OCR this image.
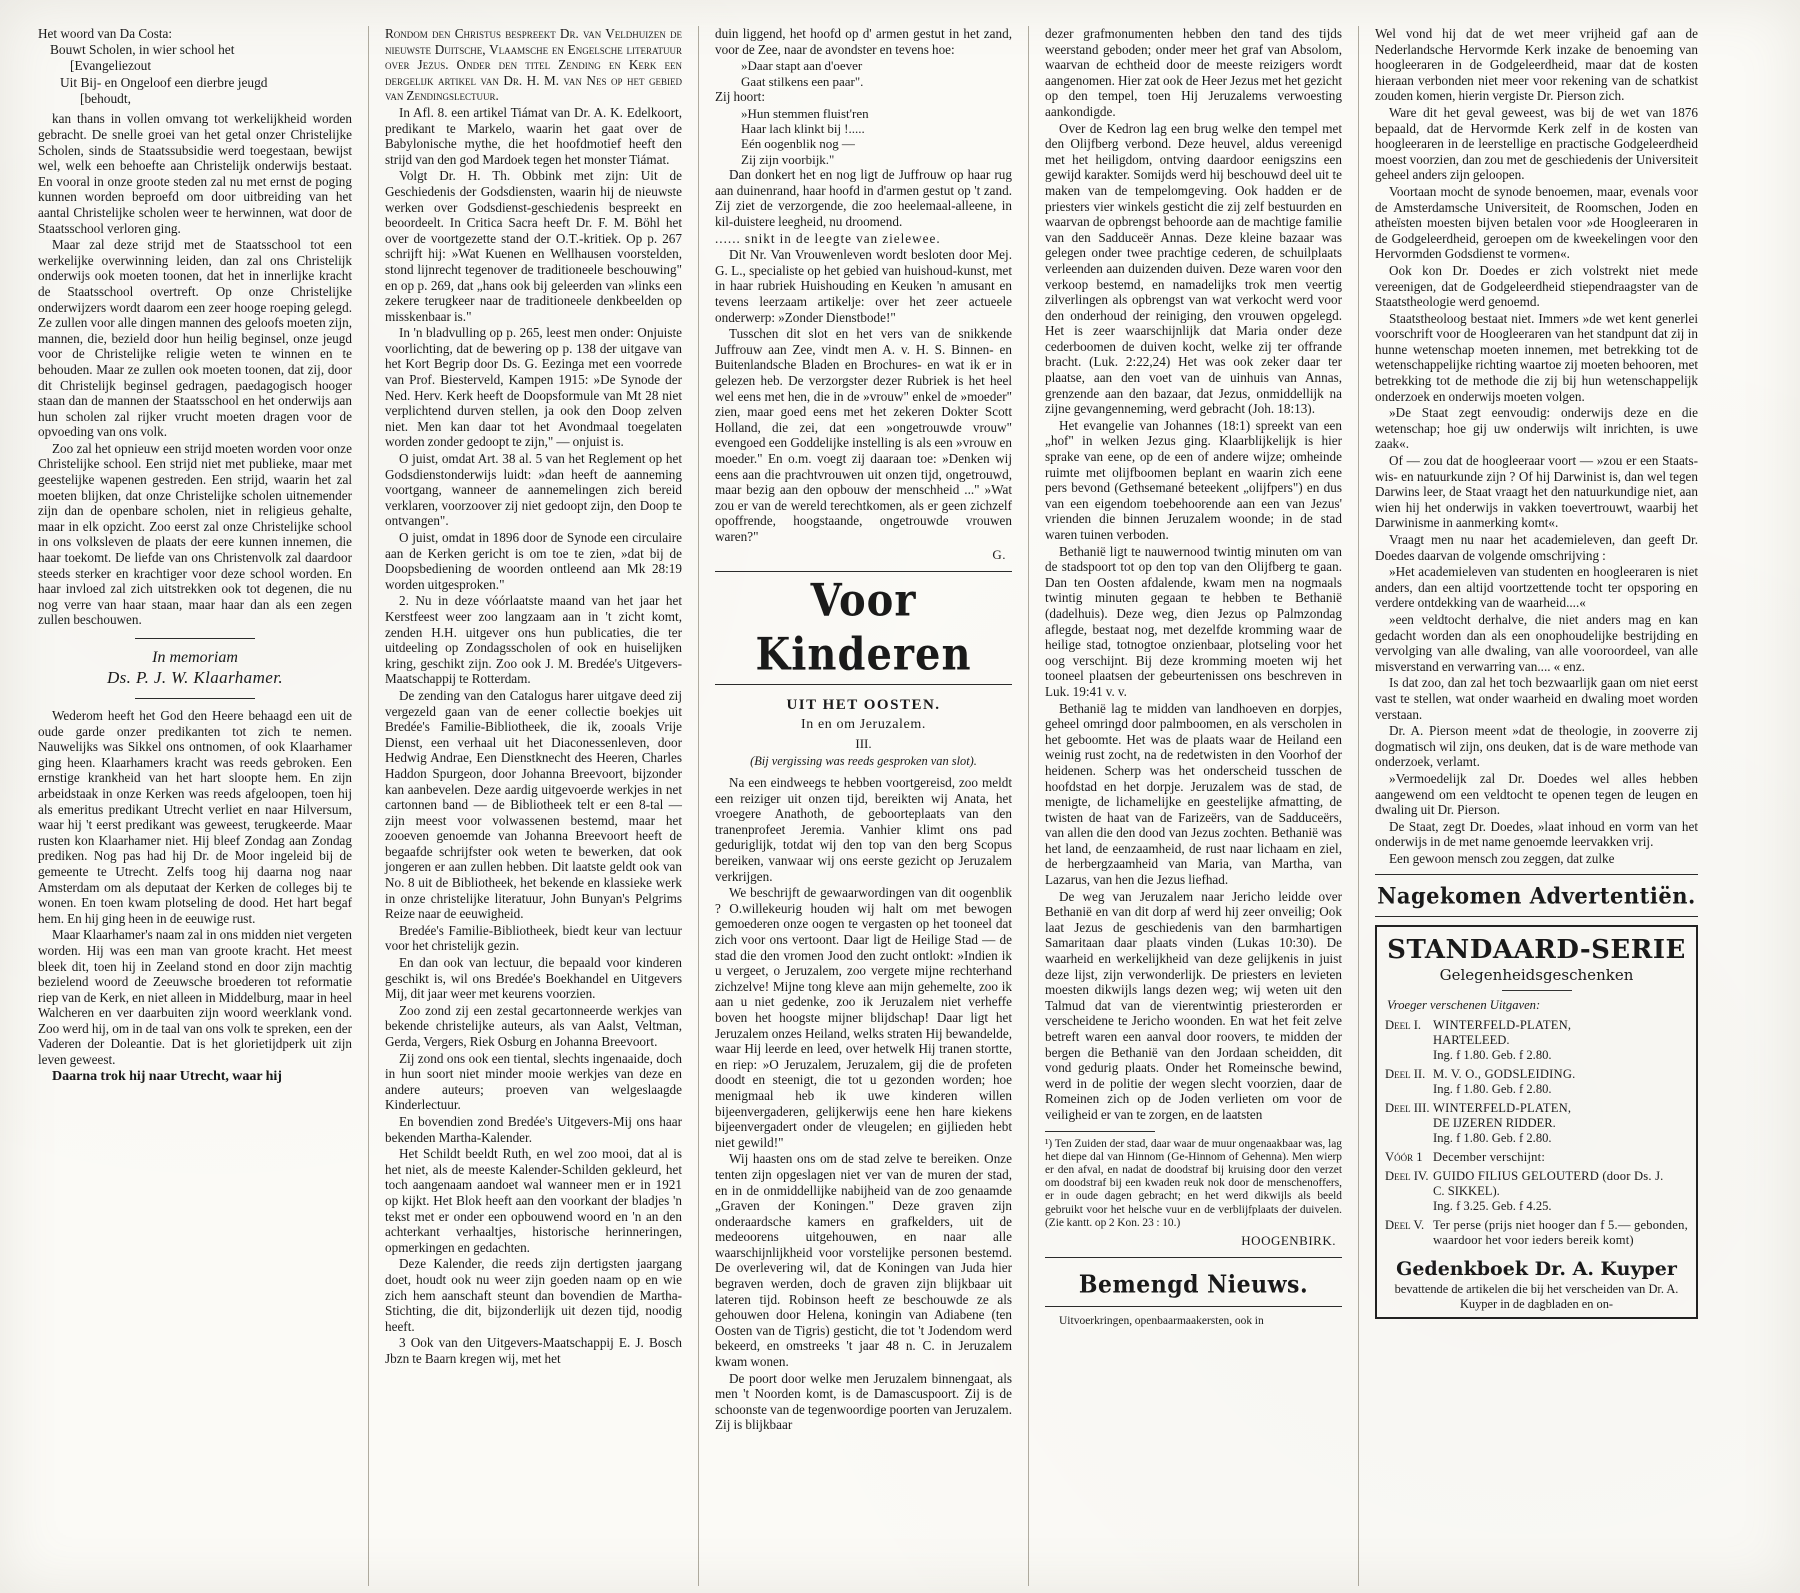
Het woord van Da Costa:
Bouwt Scholen, in wier school het
[Evangeliezout
Uit Bij- en Ongeloof een dierbre jeugd
[behoudt,

kan thans in vollen omvang tot werkelijkheid worden gebracht. De snelle groei van het getal onzer Christelijke Scholen, sinds de Staatssubsidie werd toegestaan, bewijst wel, welk een behoefte aan Christelijk onderwijs bestaat. En vooral in onze groote steden zal nu met ernst de poging kunnen worden beproefd om door uitbreiding van het aantal Christelijke scholen weer te herwinnen, wat door de Staatsschool verloren ging.

Maar zal deze strijd met de Staatsschool tot een werkelijke overwinning leiden, dan zal ons Christelijk onderwijs ook moeten toonen, dat het in innerlijke kracht de Staatsschool overtreft. Op onze Christelijke onderwijzers wordt daarom een zeer hooge roeping gelegd. Ze zullen voor alle dingen mannen des geloofs moeten zijn, mannen, die, bezield door hun heilig beginsel, onze jeugd voor de Christelijke religie weten te winnen en te behouden. Maar ze zullen ook moeten toonen, dat zij, door dit Christelijk beginsel gedragen, paedagogisch hooger staan dan de mannen der Staatsschool en het onderwijs aan hun scholen zal rijker vrucht moeten dragen voor de opvoeding van ons volk.

Zoo zal het opnieuw een strijd moeten worden voor onze Christelijke school. Een strijd niet met publieke, maar met geestelijke wapenen gestreden. Een strijd, waarin het zal moeten blijken, dat onze Christelijke scholen uitnemender zijn dan de openbare scholen, niet in religieus gehalte, maar in elk opzicht. Zoo eerst zal onze Christelijke school in ons volksleven de plaats der eere kunnen innemen, die haar toekomt. De liefde van ons Christenvolk zal daardoor steeds sterker en krachtiger voor deze school worden. En haar invloed zal zich uitstrekken ook tot degenen, die nu nog verre van haar staan, maar haar dan als een zegen zullen beschouwen.

In memoriam
Ds. P. J. W. Klaarhamer.

Wederom heeft het God den Heere behaagd een uit de oude garde onzer predikanten tot zich te nemen. Nauwelijks was Sikkel ons ontnomen, of ook Klaarhamer ging heen. Klaarhamers kracht was reeds gebroken. Een ernstige krankheid van het hart sloopte hem. En zijn arbeidstaak in onze Kerken was reeds afgeloopen, toen hij als emeritus predikant Utrecht verliet en naar Hilversum, waar hij 't eerst predikant was geweest, terugkeerde. Maar rusten kon Klaarhamer niet. Hij bleef Zondag aan Zondag prediken. Nog pas had hij Dr. de Moor ingeleid bij de gemeente te Utrecht. Zelfs toog hij daarna nog naar Amsterdam om als deputaat der Kerken de colleges bij te wonen. En toen kwam plotseling de dood. Het hart begaf hem. En hij ging heen in de eeuwige rust.

Maar Klaarhamer's naam zal in ons midden niet vergeten worden. Hij was een man van groote kracht. Het meest bleek dit, toen hij in Zeeland stond en door zijn machtig bezielend woord de Zeeuwsche broederen tot reformatie riep van de Kerk, en niet alleen in Middelburg, maar in heel Walcheren en ver daarbuiten zijn woord weerklank vond. Zoo werd hij, om in de taal van ons volk te spreken, een der Vaderen der Doleantie. Dat is het glorietijdperk uit zijn leven geweest.

Daarna trok hij naar Utrecht, waar hij

Rondom den Christus bespreekt Dr. van Veldhuizen de nieuwste Duitsche, Vlaamsche en Engelsche literatuur over Jezus. Onder den titel Zending en Kerk een dergelijk artikel van Dr. H. M. van Nes op het gebied van Zendingslectuur.

In Afl. 8. een artikel Tiámat van Dr. A. K. Edelkoort, predikant te Markelo, waarin het gaat over de Babylonische mythe, die het hoofdmotief heeft den strijd van den god Mardoek tegen het monster Tiámat.

Volgt Dr. H. Th. Obbink met zijn: Uit de Geschiedenis der Godsdiensten, waarin hij de nieuwste werken over Godsdienst-geschiedenis bespreekt en beoordeelt. In Critica Sacra heeft Dr. F. M. Böhl het over de voortgezette stand der O.T.-kritiek. Op p. 267 schrijft hij: »Wat Kuenen en Wellhausen voorstelden, stond lijnrecht tegenover de traditioneele beschouwing" en op p. 269, dat „hans ook bij geleerden van »links een zekere terugkeer naar de traditioneele denkbeelden op misskenbaar is."

In 'n bladvulling op p. 265, leest men onder: Onjuiste voorlichting, dat de bewering op p. 138 der uitgave van het Kort Begrip door Ds. G. Eezinga met een voorrede van Prof. Biesterveld, Kampen 1915: »De Synode der Ned. Herv. Kerk heeft de Doopsformule van Mt 28 niet verplichtend durven stellen, ja ook den Doop zelven niet. Men kan daar tot het Avondmaal toegelaten worden zonder gedoopt te zijn," — onjuist is.

O juist, omdat Art. 38 al. 5 van het Reglement op het Godsdienstonderwijs luidt: »dan heeft de aanneming voortgang, wanneer de aannemelingen zich bereid verklaren, voorzoover zij niet gedoopt zijn, den Doop te ontvangen".

O juist, omdat in 1896 door de Synode een circulaire aan de Kerken gericht is om toe te zien, »dat bij de Doopsbediening de woorden ontleend aan Mk 28:19 worden uitgesproken."

2. Nu in deze vóórlaatste maand van het jaar het Kerstfeest weer zoo langzaam aan in 't zicht komt, zenden H.H. uitgever ons hun publicaties, die ter uitdeeling op Zondagsscholen of ook en huiselijken kring, geschikt zijn. Zoo ook J. M. Bredée's Uitgevers-Maatschappij te Rotterdam.

De zending van den Catalogus harer uitgave deed zij vergezeld gaan van de eener collectie boekjes uit Bredée's Familie-Bibliotheek, die ik, zooals Vrije Dienst, een verhaal uit het Diaconessenleven, door Hedwig Andrae, Een Dienstknecht des Heeren, Charles Haddon Spurgeon, door Johanna Breevoort, bijzonder kan aanbevelen. Deze aardig uitgevoerde werkjes in net cartonnen band — de Bibliotheek telt er een 8-tal — zijn meest voor volwassenen bestemd, maar het zooeven genoemde van Johanna Breevoort heeft de begaafde schrijfster ook weten te bewerken, dat ook jongeren er aan zullen hebben. Dit laatste geldt ook van No. 8 uit de Bibliotheek, het bekende en klassieke werk in onze christelijke literatuur, John Bunyan's Pelgrims Reize naar de eeuwigheid.

Bredée's Familie-Bibliotheek, biedt keur van lectuur voor het christelijk gezin.

En dan ook van lectuur, die bepaald voor kinderen geschikt is, wil ons Bredée's Boekhandel en Uitgevers Mij, dit jaar weer met keurens voorzien.

Zoo zond zij een zestal gecartonneerde werkjes van bekende christelijke auteurs, als van Aalst, Veltman, Gerda, Vergers, Riek Osburg en Johanna Breevoort.

Zij zond ons ook een tiental, slechts ingenaaide, doch in hun soort niet minder mooie werkjes van deze en andere auteurs; proeven van welgeslaagde Kinderlectuur.

En bovendien zond Bredée's Uitgevers-Mij ons haar bekenden Martha-Kalender.

Het Schildt beeldt Ruth, en wel zoo mooi, dat al is het niet, als de meeste Kalender-Schilden gekleurd, het toch aangenaam aandoet wal wanneer men er in 1921 op kijkt. Het Blok heeft aan den voorkant der bladjes 'n tekst met er onder een opbouwend woord en 'n an den achterkant verhaaltjes, historische herinneringen, opmerkingen en gedachten.

Deze Kalender, die reeds zijn dertigsten jaargang doet, houdt ook nu weer zijn goeden naam op en wie zich hem aanschaft steunt dan bovendien de Martha-Stichting, die dit, bijzonderlijk uit dezen tijd, noodig heeft.

3 Ook van den Uitgevers-Maatschappij E. J. Bosch Jbzn te Baarn kregen wij, met het

duin liggend, het hoofd op d' armen gestut in het zand, voor de Zee, naar de avondster en tevens hoe:

»Daar stapt aan d'oever

Gaat stilkens een paar".

Zij hoort:

»Hun stemmen fluist'ren

Haar lach klinkt bij !.....

Eén oogenblik nog —

Zij zijn voorbijk."

Dan donkert het en nog ligt de Juffrouw op haar rug aan duinenrand, haar hoofd in d'armen gestut op 't zand. Zij ziet de verzorgende, die zoo heelemaal-alleene, in kil-duistere leegheid, nu droomend.

...... snikt in de leegte van zielewee.

Dit Nr. Van Vrouwenleven wordt besloten door Mej. G. L., specialiste op het gebied van huishoud-kunst, met in haar rubriek Huishouding en Keuken 'n amusant en tevens leerzaam artikelje: over het zeer actueele onderwerp: »Zonder Dienstbode!"

Tusschen dit slot en het vers van de snikkende Juffrouw aan Zee, vindt men A. v. H. S. Binnen- en Buitenlandsche Bladen en Brochures- en wat ik er in gelezen heb. De verzorgster dezer Rubriek is het heel wel eens met hen, die in de »vrouw" enkel de »moeder" zien, maar goed eens met het zekeren Dokter Scott Holland, die zei, dat een »ongetrouwde vrouw" evengoed een Goddelijke instelling is als een »vrouw en moeder." En o.m. voegt zij daaraan toe: »Denken wij eens aan die prachtvrouwen uit onzen tijd, ongetrouwd, maar bezig aan den opbouw der menschheid ..." »Wat zou er van de wereld terechtkomen, als er geen zichzelf opoffrende, hoogstaande, ongetrouwde vrouwen waren?"

G.

Voor Kinderen
UIT HET OOSTEN.
In en om Jeruzalem.
III.
(Bij vergissing was reeds gesproken van slot).

Na een eindweegs te hebben voortgereisd, zoo meldt een reiziger uit onzen tijd, bereikten wij Anata, het vroegere Anathoth, de geboorteplaats van den tranenprofeet Jeremia. Vanhier klimt ons pad geduriglijk, totdat wij den top van den berg Scopus bereiken, vanwaar wij ons eerste gezicht op Jeruzalem verkrijgen.

We beschrijft de gewaarwordingen van dit oogenblik ? O.willekeurig houden wij halt om met bewogen gemoederen onze oogen te vergasten op het tooneel dat zich voor ons vertoont. Daar ligt de Heilige Stad — de stad die den vromen Jood den zucht ontlokt: »Indien ik u vergeet, o Jeruzalem, zoo vergete mijne rechterhand zichzelve! Mijne tong kleve aan mijn gehemelte, zoo ik aan u niet gedenke, zoo ik Jeruzalem niet verheffe boven het hoogste mijner blijdschap! Daar ligt het Jeruzalem onzes Heiland, welks straten Hij bewandelde, waar Hij leerde en leed, over hetwelk Hij tranen stortte, en riep: »O Jeruzalem, Jeruzalem, gij die de profeten doodt en steenigt, die tot u gezonden worden; hoe menigmaal heb ik uwe kinderen willen bijeenvergaderen, gelijkerwijs eene hen hare kiekens bijeenvergadert onder de vleugelen; en gijlieden hebt niet gewild!"

Wij haasten ons om de stad zelve te bereiken. Onze tenten zijn opgeslagen niet ver van de muren der stad, en in de onmiddellijke nabijheid van de zoo genaamde „Graven der Koningen." Deze graven zijn onderaardsche kamers en grafkelders, uit de medeoorens uitgehouwen, en naar alle waarschijnlijkheid voor vorstelijke personen bestemd. De overlevering wil, dat de Koningen van Juda hier begraven werden, doch de graven zijn blijkbaar uit lateren tijd. Robinson heeft ze beschouwde ze als gehouwen door Helena, koningin van Adiabene (ten Oosten van de Tigris) gesticht, die tot 't Jodendom werd bekeerd, en omstreeks 't jaar 48 n. C. in Jeruzalem kwam wonen.

De poort door welke men Jeruzalem binnengaat, als men 't Noorden komt, is de Damascuspoort. Zij is de schoonste van de tegenwoordige poorten van Jeruzalem. Zij is blijkbaar

dezer grafmonumenten hebben den tand des tijds weerstand geboden; onder meer het graf van Absolom, waarvan de echtheid door de meeste reizigers wordt aangenomen. Hier zat ook de Heer Jezus met het gezicht op den tempel, toen Hij Jeruzalems verwoesting aankondigde.

Over de Kedron lag een brug welke den tempel met den Olijfberg verbond. Deze heuvel, aldus vereenigd met het heiligdom, ontving daardoor eenigszins een gewijd karakter. Somijds werd hij beschouwd deel uit te maken van de tempelomgeving. Ook hadden er de priesters vier winkels gesticht die zij zelf bestuurden en waarvan de opbrengst behoorde aan de machtige familie van den Sadduceër Annas. Deze kleine bazaar was gelegen onder twee prachtige cederen, de schuilplaats verleenden aan duizenden duiven. Deze waren voor den verkoop bestemd, en namadelijks trok men veertig zilverlingen als opbrengst van wat verkocht werd voor den onderhoud der reiniging, den vrouwen opgelegd. Het is zeer waarschijnlijk dat Maria onder deze cederboomen de duiven kocht, welke zij ter offrande bracht. (Luk. 2:22,24) Het was ook zeker daar ter plaatse, aan den voet van de uinhuis van Annas, grenzende aan den bazaar, dat Jezus, onmiddellijk na zijne gevangenneming, werd gebracht (Joh. 18:13).

Het evangelie van Johannes (18:1) spreekt van een „hof" in welken Jezus ging. Klaarblijkelijk is hier sprake van eene, op de een of andere wijze; omheinde ruimte met olijfboomen beplant en waarin zich eene pers bevond (Gethsemané beteekent „olijfpers") en dus van een eigendom toebehoorende aan een van Jezus' vrienden die binnen Jeruzalem woonde; in de stad waren tuinen verboden.

Bethanië ligt te nauwernood twintig minuten om van de stadspoort tot op den top van den Olijfberg te gaan. Dan ten Oosten afdalende, kwam men na nogmaals twintig minuten gegaan te hebben te Bethanië (dadelhuis). Deze weg, dien Jezus op Palmzondag aflegde, bestaat nog, met dezelfde kromming waar de heilige stad, totnogtoe onzienbaar, plotseling voor het oog verschijnt. Bij deze kromming moeten wij het tooneel plaatsen der gebeurtenissen ons beschreven in Luk. 19:41 v. v.

Bethanië lag te midden van landhoeven en dorpjes, geheel omringd door palmboomen, en als verscholen in het geboomte. Het was de plaats waar de Heiland een weinig rust zocht, na de redetwisten in den Voorhof der heidenen. Scherp was het onderscheid tusschen de hoofdstad en het dorpje. Jeruzalem was de stad, de menigte, de lichamelijke en geestelijke afmatting, de twisten de haat van de Farizeërs, van de Sadduceërs, van allen die den dood van Jezus zochten. Bethanië was het land, de eenzaamheid, de rust naar lichaam en ziel, de herbergzaamheid van Maria, van Martha, van Lazarus, van hen die Jezus liefhad.

De weg van Jeruzalem naar Jericho leidde over Bethanië en van dit dorp af werd hij zeer onveilig; Ook laat Jezus de geschiedenis van den barmhartigen Samaritaan daar plaats vinden (Lukas 10:30). De waarheid en werkelijkheid van deze gelijkenis in juist deze lijst, zijn verwonderlijk. De priesters en levieten moesten dikwijls langs dezen weg; wij weten uit den Talmud dat van de vierentwintig priesterorden er verscheidene te Jericho woonden. En wat het feit zelve betreft waren een aanval door roovers, te midden der bergen die Bethanië van den Jordaan scheidden, dit vond gedurig plaats. Onder het Romeinsche bewind, werd in de politie der wegen slecht voorzien, daar de Romeinen zich op de Joden verlieten om voor de veiligheid er van te zorgen, en de laatsten

¹) Ten Zuiden der stad, daar waar de muur ongenaakbaar was, lag het diepe dal van Hinnom (Ge-Hinnom of Gehenna). Men wierp er den afval, en nadat de doodstraf bij kruising door den verzet om doodstraf bij een kwaden reuk nok door de menschenoffers, er in oude dagen gebracht; en het werd dikwijls als beeld gebruikt voor het helsche vuur en de verblijfplaats der duivelen. (Zie kantt. op 2 Kon. 23 : 10.)

HOOGENBIRK.

Bemengd Nieuws.

Uitvoerkringen, openbaarmaakersten, ook in

Wel vond hij dat de wet meer vrijheid gaf aan de Nederlandsche Hervormde Kerk inzake de benoeming van hoogleeraren in de Godgeleerdheid, maar dat de kosten hieraan verbonden niet meer voor rekening van de schatkist zouden komen, hierin vergiste Dr. Pierson zich.

Ware dit het geval geweest, was bij de wet van 1876 bepaald, dat de Hervormde Kerk zelf in de kosten van hoogleeraren in de leerstellige en practische Godgeleerdheid moest voorzien, dan zou met de geschiedenis der Universiteit geheel anders zijn geloopen.

Voortaan mocht de synode benoemen, maar, evenals voor de Amsterdamsche Universiteit, de Roomschen, Joden en atheïsten moesten bijven betalen voor »de Hoogleeraren in de Godgeleerdheid, geroepen om de kweekelingen voor den Hervormden Godsdienst te vormen«.

Ook kon Dr. Doedes er zich volstrekt niet mede vereenigen, dat de Godgeleerdheid stiependraagster van de Staatstheologie werd genoemd.

Staatstheoloog bestaat niet. Immers »de wet kent generlei voorschrift voor de Hoogleeraren van het standpunt dat zij in hunne wetenschap moeten innemen, met betrekking tot de wetenschappelijke richting waartoe zij moeten behooren, met betrekking tot de methode die zij bij hun wetenschappelijk onderzoek en onderwijs moeten volgen.

»De Staat zegt eenvoudig: onderwijs deze en die wetenschap; hoe gij uw onderwijs wilt inrichten, is uwe zaak«.

Of — zou dat de hoogleeraar voort — »zou er een Staats- wis- en natuurkunde zijn ? Of hij Darwinist is, dan wel tegen Darwins leer, de Staat vraagt het den natuurkundige niet, aan wien hij het onderwijs in vakken toevertrouwt, waarbij het Darwinisme in aanmerking komt«.

Vraagt men nu naar het academieleven, dan geeft Dr. Doedes daarvan de volgende omschrijving :

»Het academieleven van studenten en hoogleeraren is niet anders, dan een altijd voortzettende tocht ter opsporing en verdere ontdekking van de waarheid....«

»een veldtocht derhalve, die niet anders mag en kan gedacht worden dan als een onophoudelijke bestrijding en vervolging van alle dwaling, van alle vooroordeel, van alle misverstand en verwarring van.... « enz.

Is dat zoo, dan zal het toch bezwaarlijk gaan om niet eerst vast te stellen, wat onder waarheid en dwaling moet worden verstaan.

Dr. A. Pierson meent »dat de theologie, in zooverre zij dogmatisch wil zijn, ons deuken, dat is de ware methode van onderzoek, verlamt.

»Vermoedelijk zal Dr. Doedes wel alles hebben aangewend om een veldtocht te openen tegen de leugen en dwaling uit Dr. Pierson.

De Staat, zegt Dr. Doedes, »laat inhoud en vorm van het onderwijs in de met name genoemde leervakken vrij.

Een gewoon mensch zou zeggen, dat zulke

Nagekomen Advertentiën.
STANDAARD-SERIE
Gelegenheidsgeschenken
Vroeger verschenen Uitgaven:
Deel I. WINTERFELD-PLATEN,
HARTELEED.
Ing. f 1.80. Geb. f 2.80.
Deel II. M. V. O., GODSLEIDING.
Ing. f 1.80. Geb. f 2.80.
Deel III. WINTERFELD-PLATEN,
DE IJZEREN RIDDER.
Ing. f 1.80. Geb. f 2.80.
Vóór 1 December verschijnt:
Deel IV. GUIDO FILIUS GELOUTERD (door Ds. J.
C. SIKKEL).
Ing. f 3.25. Geb. f 4.25.
Deel V. Ter perse (prijs niet hooger dan f 5.— gebonden, waardoor het voor ieders bereik komt)
Gedenkboek Dr. A. Kuyper
bevattende de artikelen die bij het verscheiden van Dr. A. Kuyper in de dagbladen en on-
